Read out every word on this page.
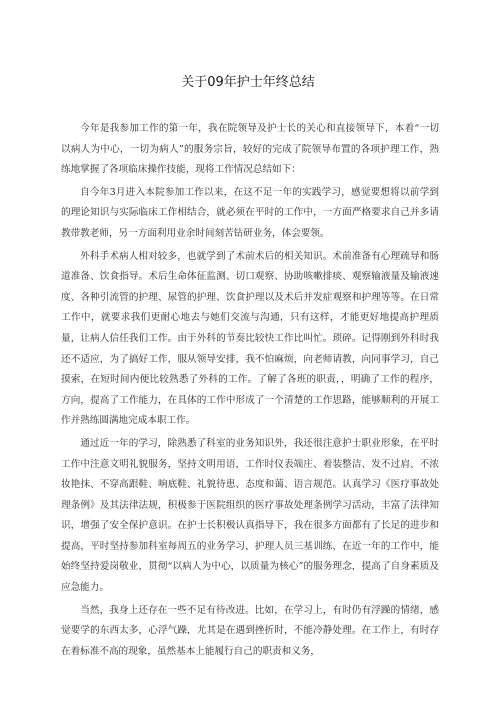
关于09年护士年终总结

今年是我参加工作的第一年，我在院领导及护士长的关心和直接领导下，本着“一切以病人为中心，一切为病人”的服务宗旨，较好的完成了院领导布置的各项护理工作，熟练地掌握了各项临床操作技能，现将工作情况总结如下：

自今年3月进入本院参加工作以来，在这不足一年的实践学习，感觉要想将以前学到的理论知识与实际临床工作相结合，就必须在平时的工作中，一方面严格要求自己并多请教带教老师，另一方面利用业余时间刻苦钻研业务，体会要领。

外科手术病人相对较多，也就学到了术前术后的相关知识。术前准备有心理疏导和肠道准备、饮食指导。术后生命体征监测、切口观察、协助咳嗽排痰、观察输液量及输液速度、各种引流管的护理、尿管的护理、饮食护理以及术后并发症观察和护理等等。在日常工作中，就要求我们更耐心地去与她们交流与沟通，只有这样，才能更好地提高护理质量，让病人信任我们工作。由于外科的节奏比较快工作比叫忙。琐碎。记得刚到外科时我还不适应，为了搞好工作，服从领导安排，我不怕麻烦，向老师请教，向同事学习，自己摸索，在短时间内便比较熟悉了外科的工作。了解了各班的职责，，明确了工作的程序，方向，提高了工作能力，在具体的工作中形成了一个清楚的工作思路，能够顺利的开展工作并熟练圆满地完成本职工作。

通过近一年的学习，除熟悉了科室的业务知识外，我还很注意护士职业形象，在平时工作中注意文明礼貌服务，坚持文明用语，工作时仪表端庄、着装整洁、发不过肩、不浓妆艳抹、不穿高跟鞋、响底鞋、礼貌待患、态度和蔼、语言规范。认真学习《医疗事故处理条例》及其法律法规，积极参于医院组织的医疗事故处理条例学习活动，丰富了法律知识，增强了安全保护意识。在护士长积极认真指导下，我在很多方面都有了长足的进步和提高，平时坚持参加科室每周五的业务学习，护理人员三基训练，在近一年的工作中，能始终坚持爱岗敬业，贯彻“以病人为中心，以质量为核心”的服务理念，提高了自身素质及应急能力。

当然，我身上还存在一些不足有待改进。比如，在学习上，有时仍有浮躁的情绪，感觉要学的东西太多，心浮气躁，尤其是在遇到挫折时，不能冷静处理。在工作上，有时存在着标准不高的现象，虽然基本上能履行自己的职责和义务，
